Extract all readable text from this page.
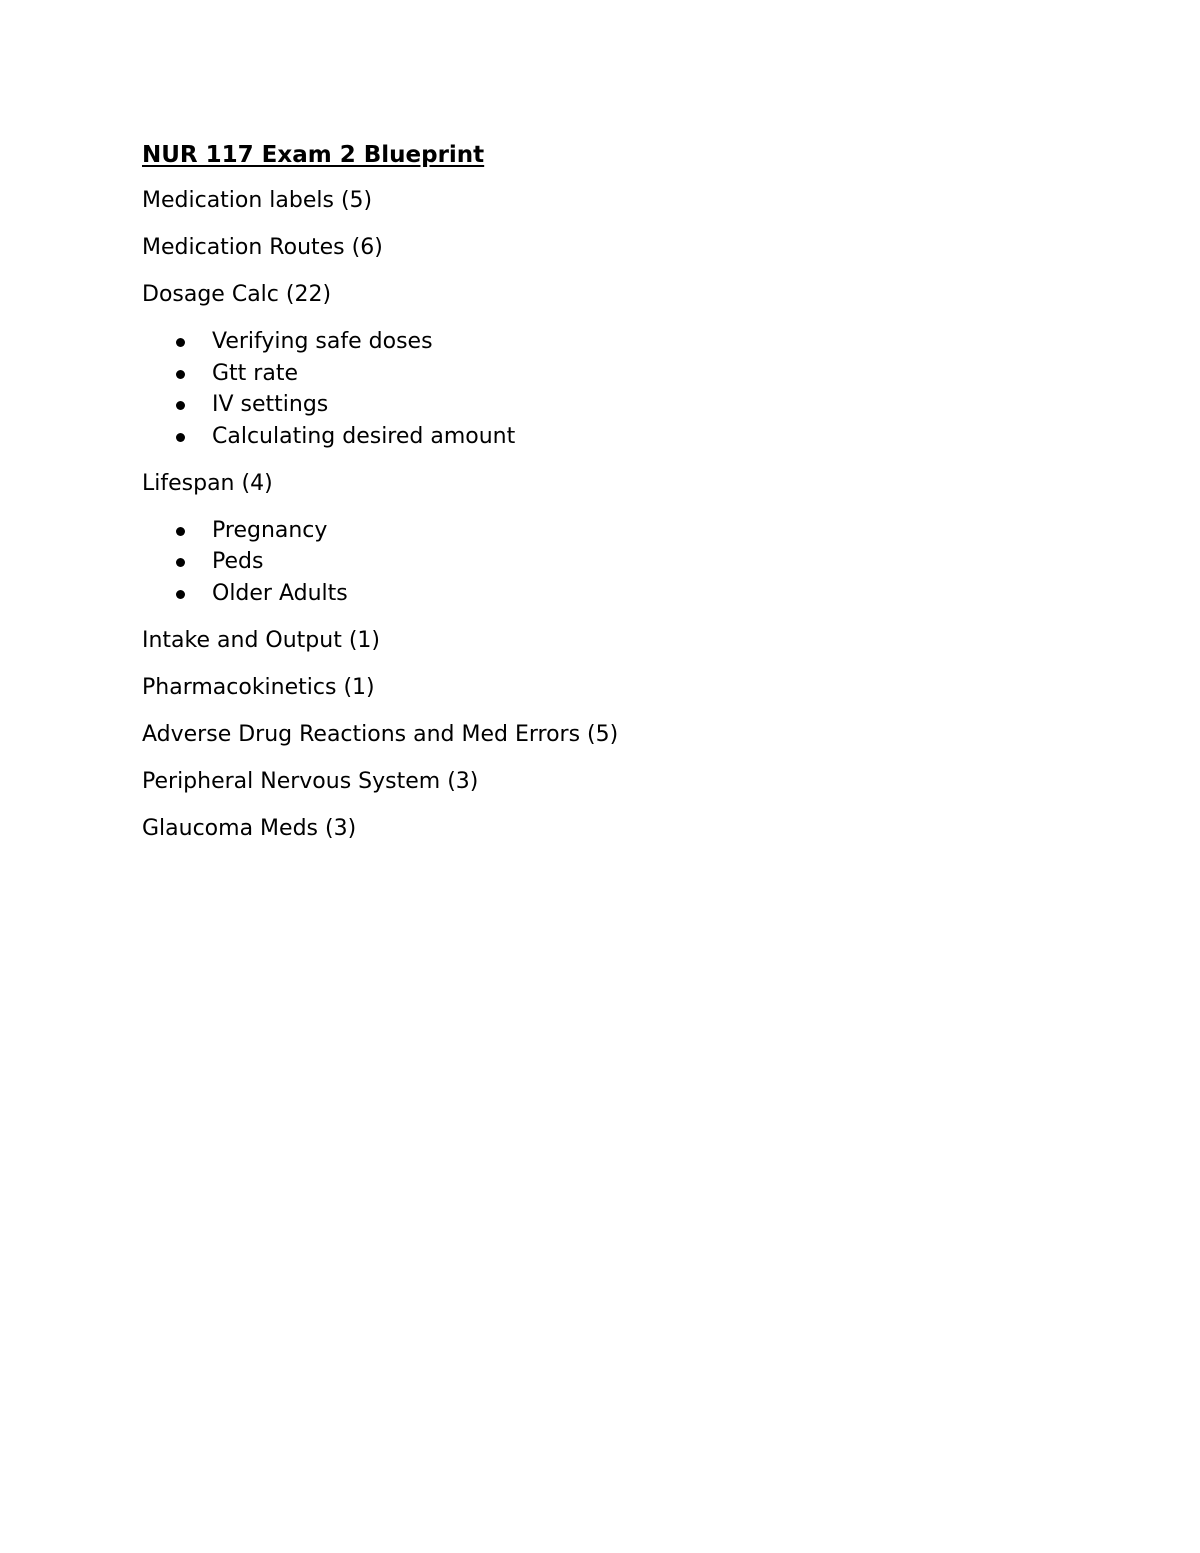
NUR 117 Exam 2 Blueprint
Medication labels (5)
Medication Routes (6)
Dosage Calc (22)
Verifying safe doses
Gtt rate
IV settings
Calculating desired amount
Lifespan (4)
Pregnancy
Peds
Older Adults
Intake and Output (1)
Pharmacokinetics (1)
Adverse Drug Reactions and Med Errors (5)
Peripheral Nervous System (3)
Glaucoma Meds (3)
